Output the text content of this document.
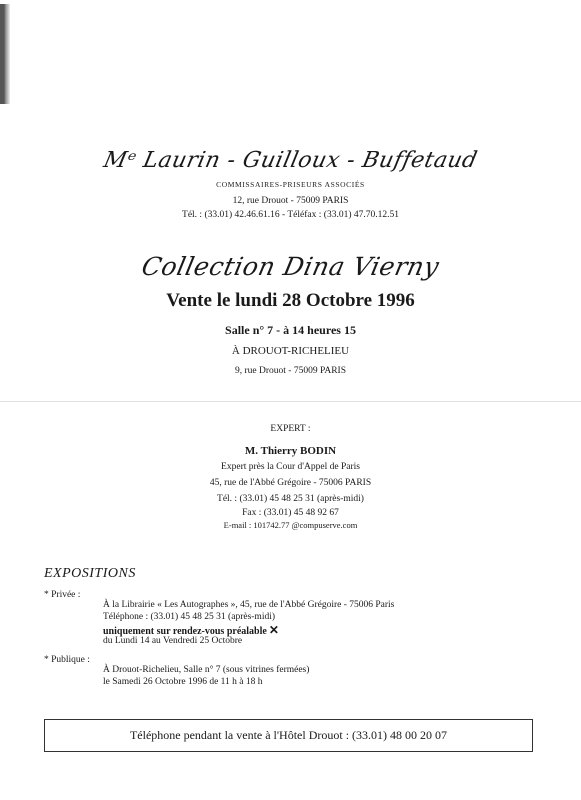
Mᵉ Laurin - Guilloux - Buffetaud
COMMISSAIRES-PRISEURS ASSOCIÉS
12, rue Drouot - 75009 PARIS
Tél. : (33.01) 42.46.61.16 - Téléfax : (33.01) 47.70.12.51
Collection Dina Vierny
Vente le lundi 28 Octobre 1996
Salle n° 7 - à 14 heures 15
À DROUOT-RICHELIEU
9, rue Drouot - 75009 PARIS
EXPERT :
M. Thierry BODIN
Expert près la Cour d'Appel de Paris
45, rue de l'Abbé Grégoire - 75006 PARIS
Tél. : (33.01) 45 48 25 31 (après-midi)
Fax : (33.01) 45 48 92 67
E-mail : 101742.77 @compuserve.com
EXPOSITIONS
* Privée :
À la Librairie « Les Autographes », 45, rue de l'Abbé Grégoire - 75006 Paris
Téléphone : (33.01) 45 48 25 31 (après-midi)
uniquement sur rendez-vous préalable ✕
du Lundi 14 au Vendredi 25 Octobre
* Publique :
À Drouot-Richelieu, Salle n° 7 (sous vitrines fermées)
le Samedi 26 Octobre 1996 de 11 h à 18 h
Téléphone pendant la vente à l'Hôtel Drouot : (33.01) 48 00 20 07
